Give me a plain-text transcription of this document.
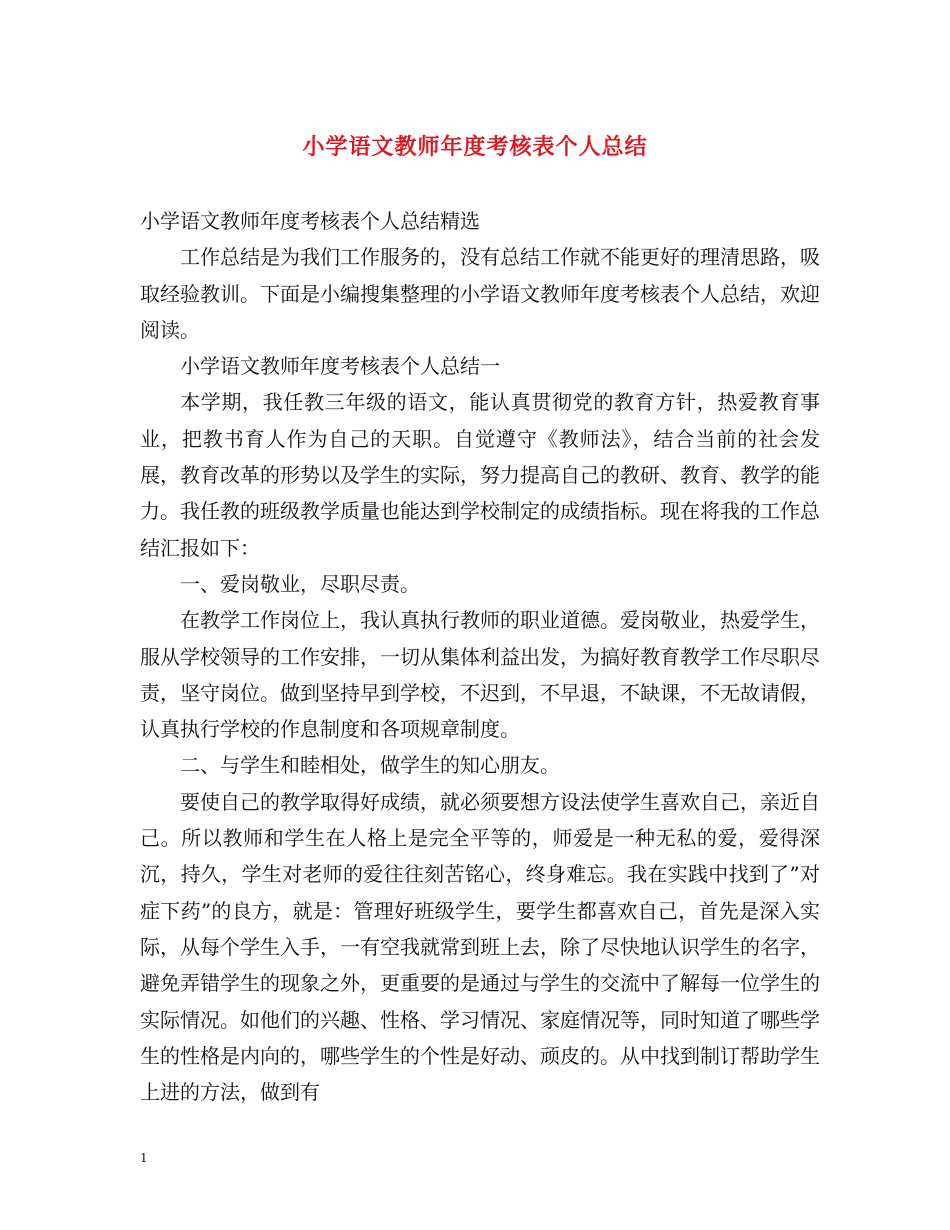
小学语文教师年度考核表个人总结

小学语文教师年度考核表个人总结精选

工作总结是为我们工作服务的，没有总结工作就不能更好的理清思路，吸取经验教训。下面是小编搜集整理的小学语文教师年度考核表个人总结，欢迎阅读。

小学语文教师年度考核表个人总结一

本学期，我任教三年级的语文，能认真贯彻党的教育方针，热爱教育事业，把教书育人作为自己的天职。自觉遵守《教师法》，结合当前的社会发展，教育改革的形势以及学生的实际，努力提高自己的教研、教育、教学的能力。我任教的班级教学质量也能达到学校制定的成绩指标。现在将我的工作总结汇报如下：

一、爱岗敬业，尽职尽责。

在教学工作岗位上，我认真执行教师的职业道德。爱岗敬业，热爱学生，服从学校领导的工作安排，一切从集体利益出发，为搞好教育教学工作尽职尽责，坚守岗位。做到坚持早到学校，不迟到，不早退，不缺课，不无故请假，认真执行学校的作息制度和各项规章制度。

二、与学生和睦相处，做学生的知心朋友。

要使自己的教学取得好成绩，就必须要想方设法使学生喜欢自己，亲近自己。所以教师和学生在人格上是完全平等的，师爱是一种无私的爱，爱得深沉，持久，学生对老师的爱往往刻苦铭心，终身难忘。我在实践中找到了”对症下药”的良方，就是：管理好班级学生，要学生都喜欢自己，首先是深入实际，从每个学生入手，一有空我就常到班上去，除了尽快地认识学生的名字，避免弄错学生的现象之外，更重要的是通过与学生的交流中了解每一位学生的实际情况。如他们的兴趣、性格、学习情况、家庭情况等，同时知道了哪些学生的性格是内向的，哪些学生的个性是好动、顽皮的。从中找到制订帮助学生上进的方法，做到有

1
